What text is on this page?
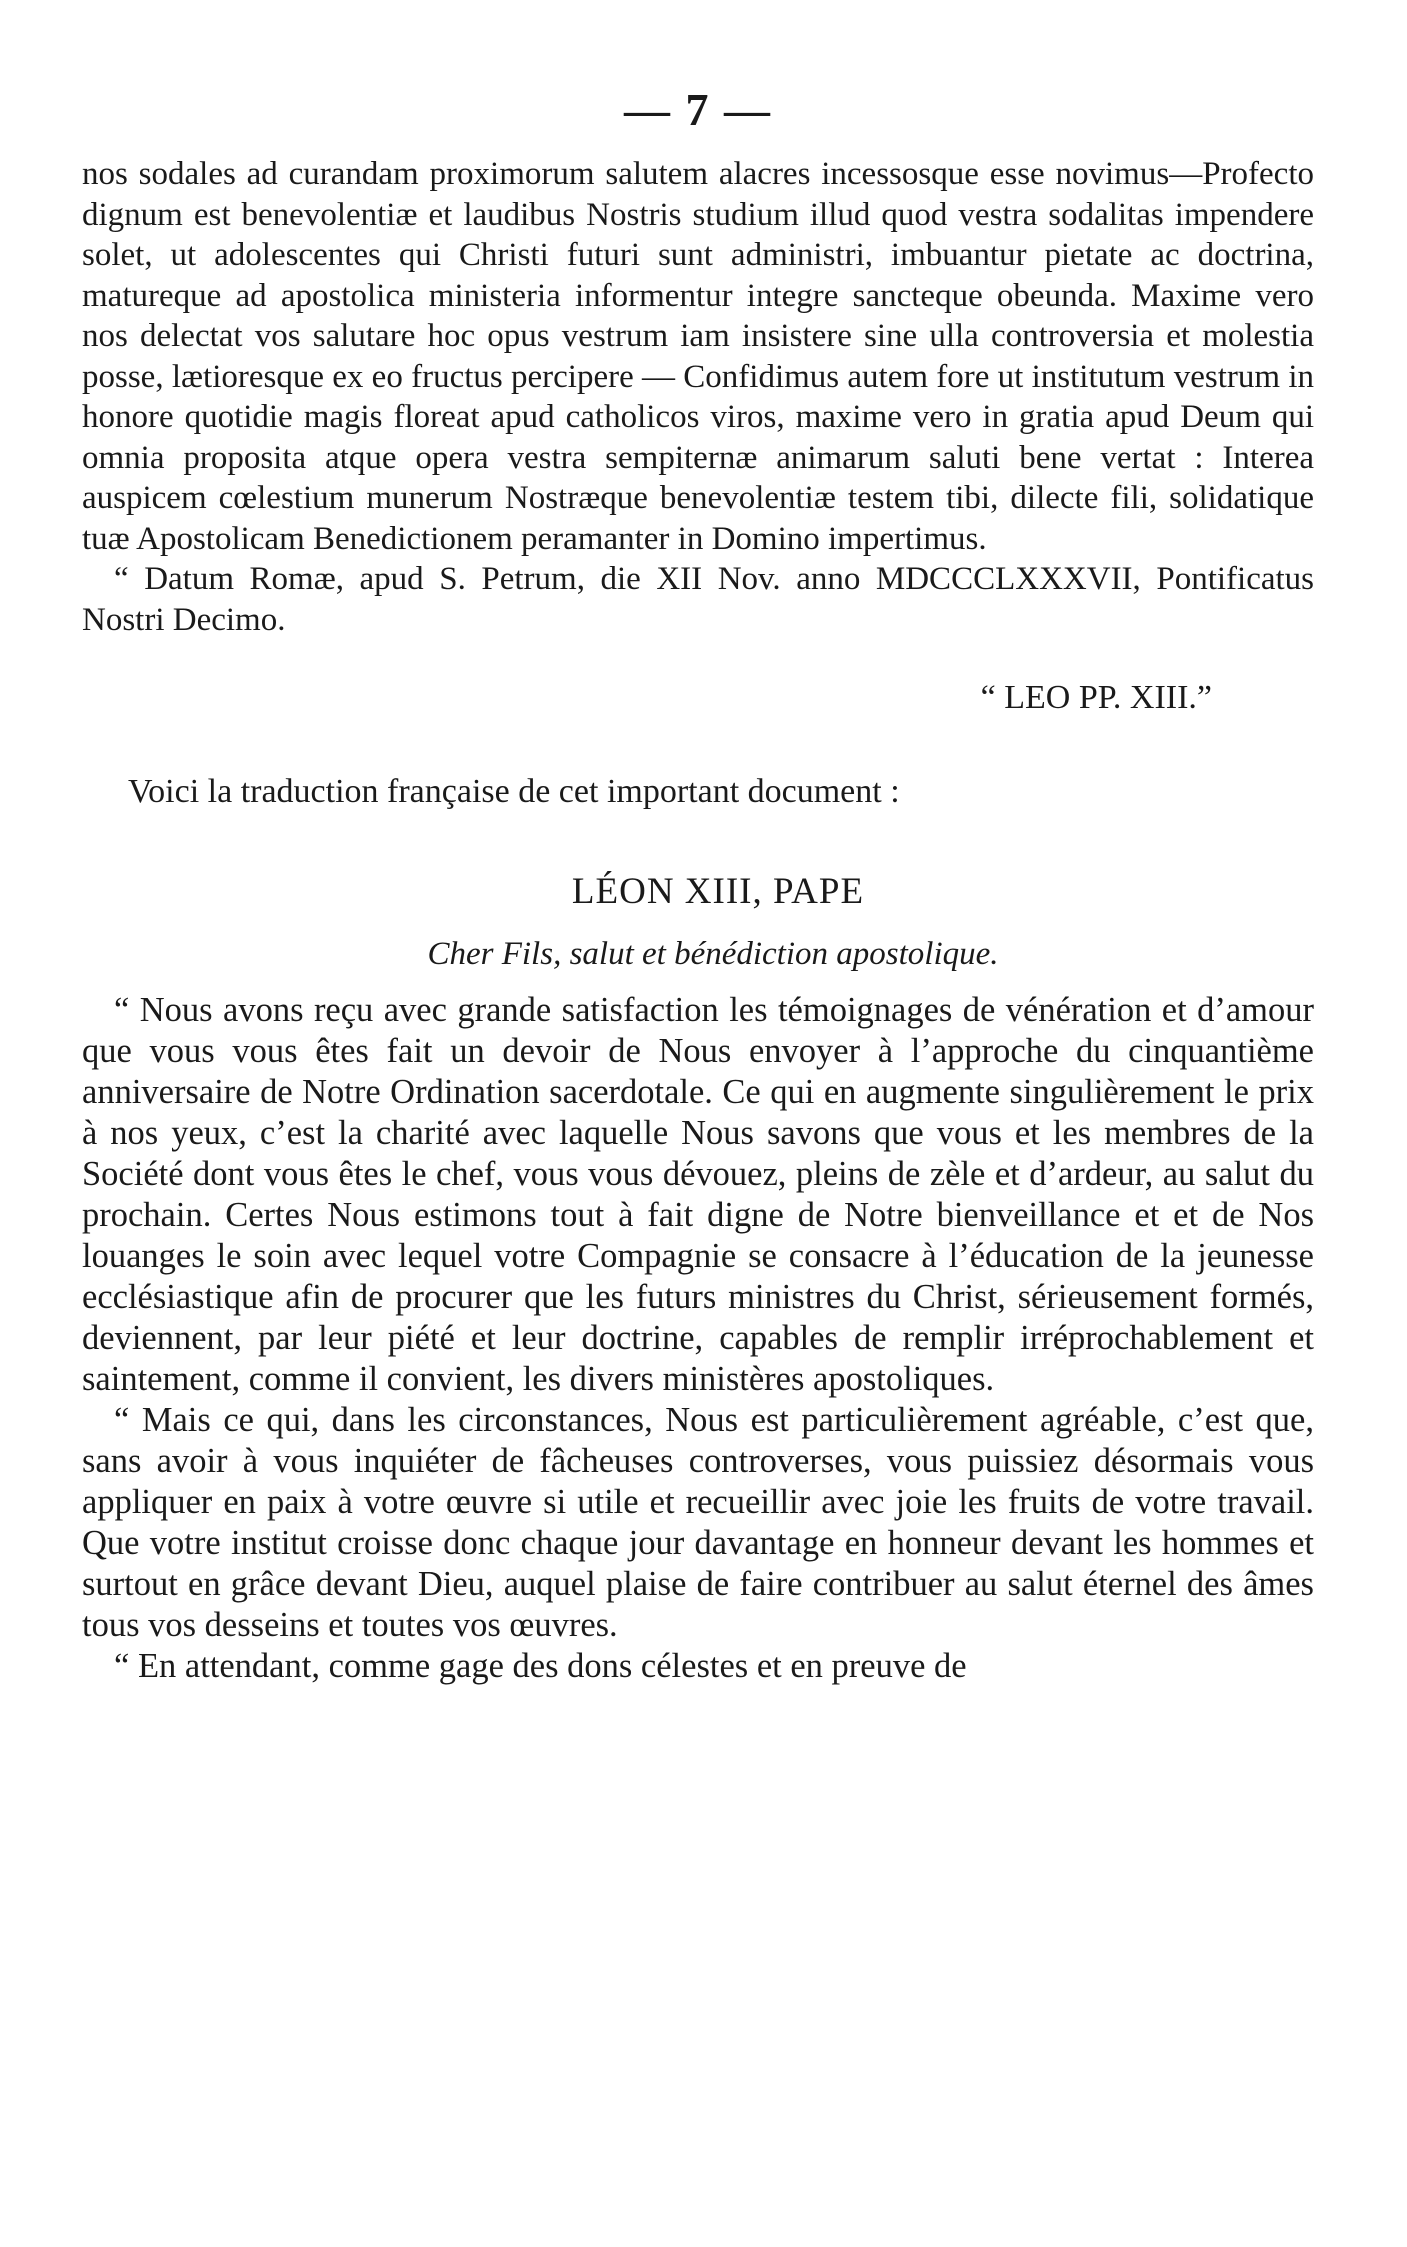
— 7 —

nos sodales ad curandam proximorum salutem alacres incessosque esse novimus—Profecto dignum est benevolentiæ et laudibus Nostris studium illud quod vestra sodalitas impendere solet, ut adolescentes qui Christi futuri sunt administri, imbuantur pietate ac doctrina, matureque ad apostolica ministeria informentur integre sancteque obeunda. Maxime vero nos delectat vos salutare hoc opus vestrum iam insistere sine ulla controversia et molestia posse, lætioresque ex eo fructus percipere — Confidimus autem fore ut institutum vestrum in honore quotidie magis floreat apud catholicos viros, maxime vero in gratia apud Deum qui omnia proposita atque opera vestra sempiternæ animarum saluti bene vertat : Interea auspicem cœlestium munerum Nostræque benevolentiæ testem tibi, dilecte fili, solidatique tuæ Apostolicam Benedictionem peramanter in Domino impertimus.

“ Datum Romæ, apud S. Petrum, die XII Nov. anno MDCCCLXXXVII, Pontificatus Nostri Decimo.

“ LEO PP. XIII.”
Voici la traduction française de cet important document :
LÉON XIII, PAPE
Cher Fils, salut et bénédiction apostolique.

“ Nous avons reçu avec grande satisfaction les témoignages de vénération et d’amour que vous vous êtes fait un devoir de Nous envoyer à l’approche du cinquantième anniversaire de Notre Ordination sacerdotale. Ce qui en augmente singulièrement le prix à nos yeux, c’est la charité avec laquelle Nous savons que vous et les membres de la Société dont vous êtes le chef, vous vous dévouez, pleins de zèle et d’ardeur, au salut du prochain. Certes Nous estimons tout à fait digne de Notre bienveillance et et de Nos louanges le soin avec lequel votre Compagnie se consacre à l’éducation de la jeunesse ecclésiastique afin de procurer que les futurs ministres du Christ, sérieusement formés, deviennent, par leur piété et leur doctrine, capables de remplir irréprochablement et saintement, comme il convient, les divers ministères apostoliques.

“ Mais ce qui, dans les circonstances, Nous est particulièrement agréable, c’est que, sans avoir à vous inquiéter de fâcheuses controverses, vous puissiez désormais vous appliquer en paix à votre œuvre si utile et recueillir avec joie les fruits de votre travail. Que votre institut croisse donc chaque jour davantage en honneur devant les hommes et surtout en grâce devant Dieu, auquel plaise de faire contribuer au salut éternel des âmes tous vos desseins et toutes vos œuvres.

“ En attendant, comme gage des dons célestes et en preuve de
